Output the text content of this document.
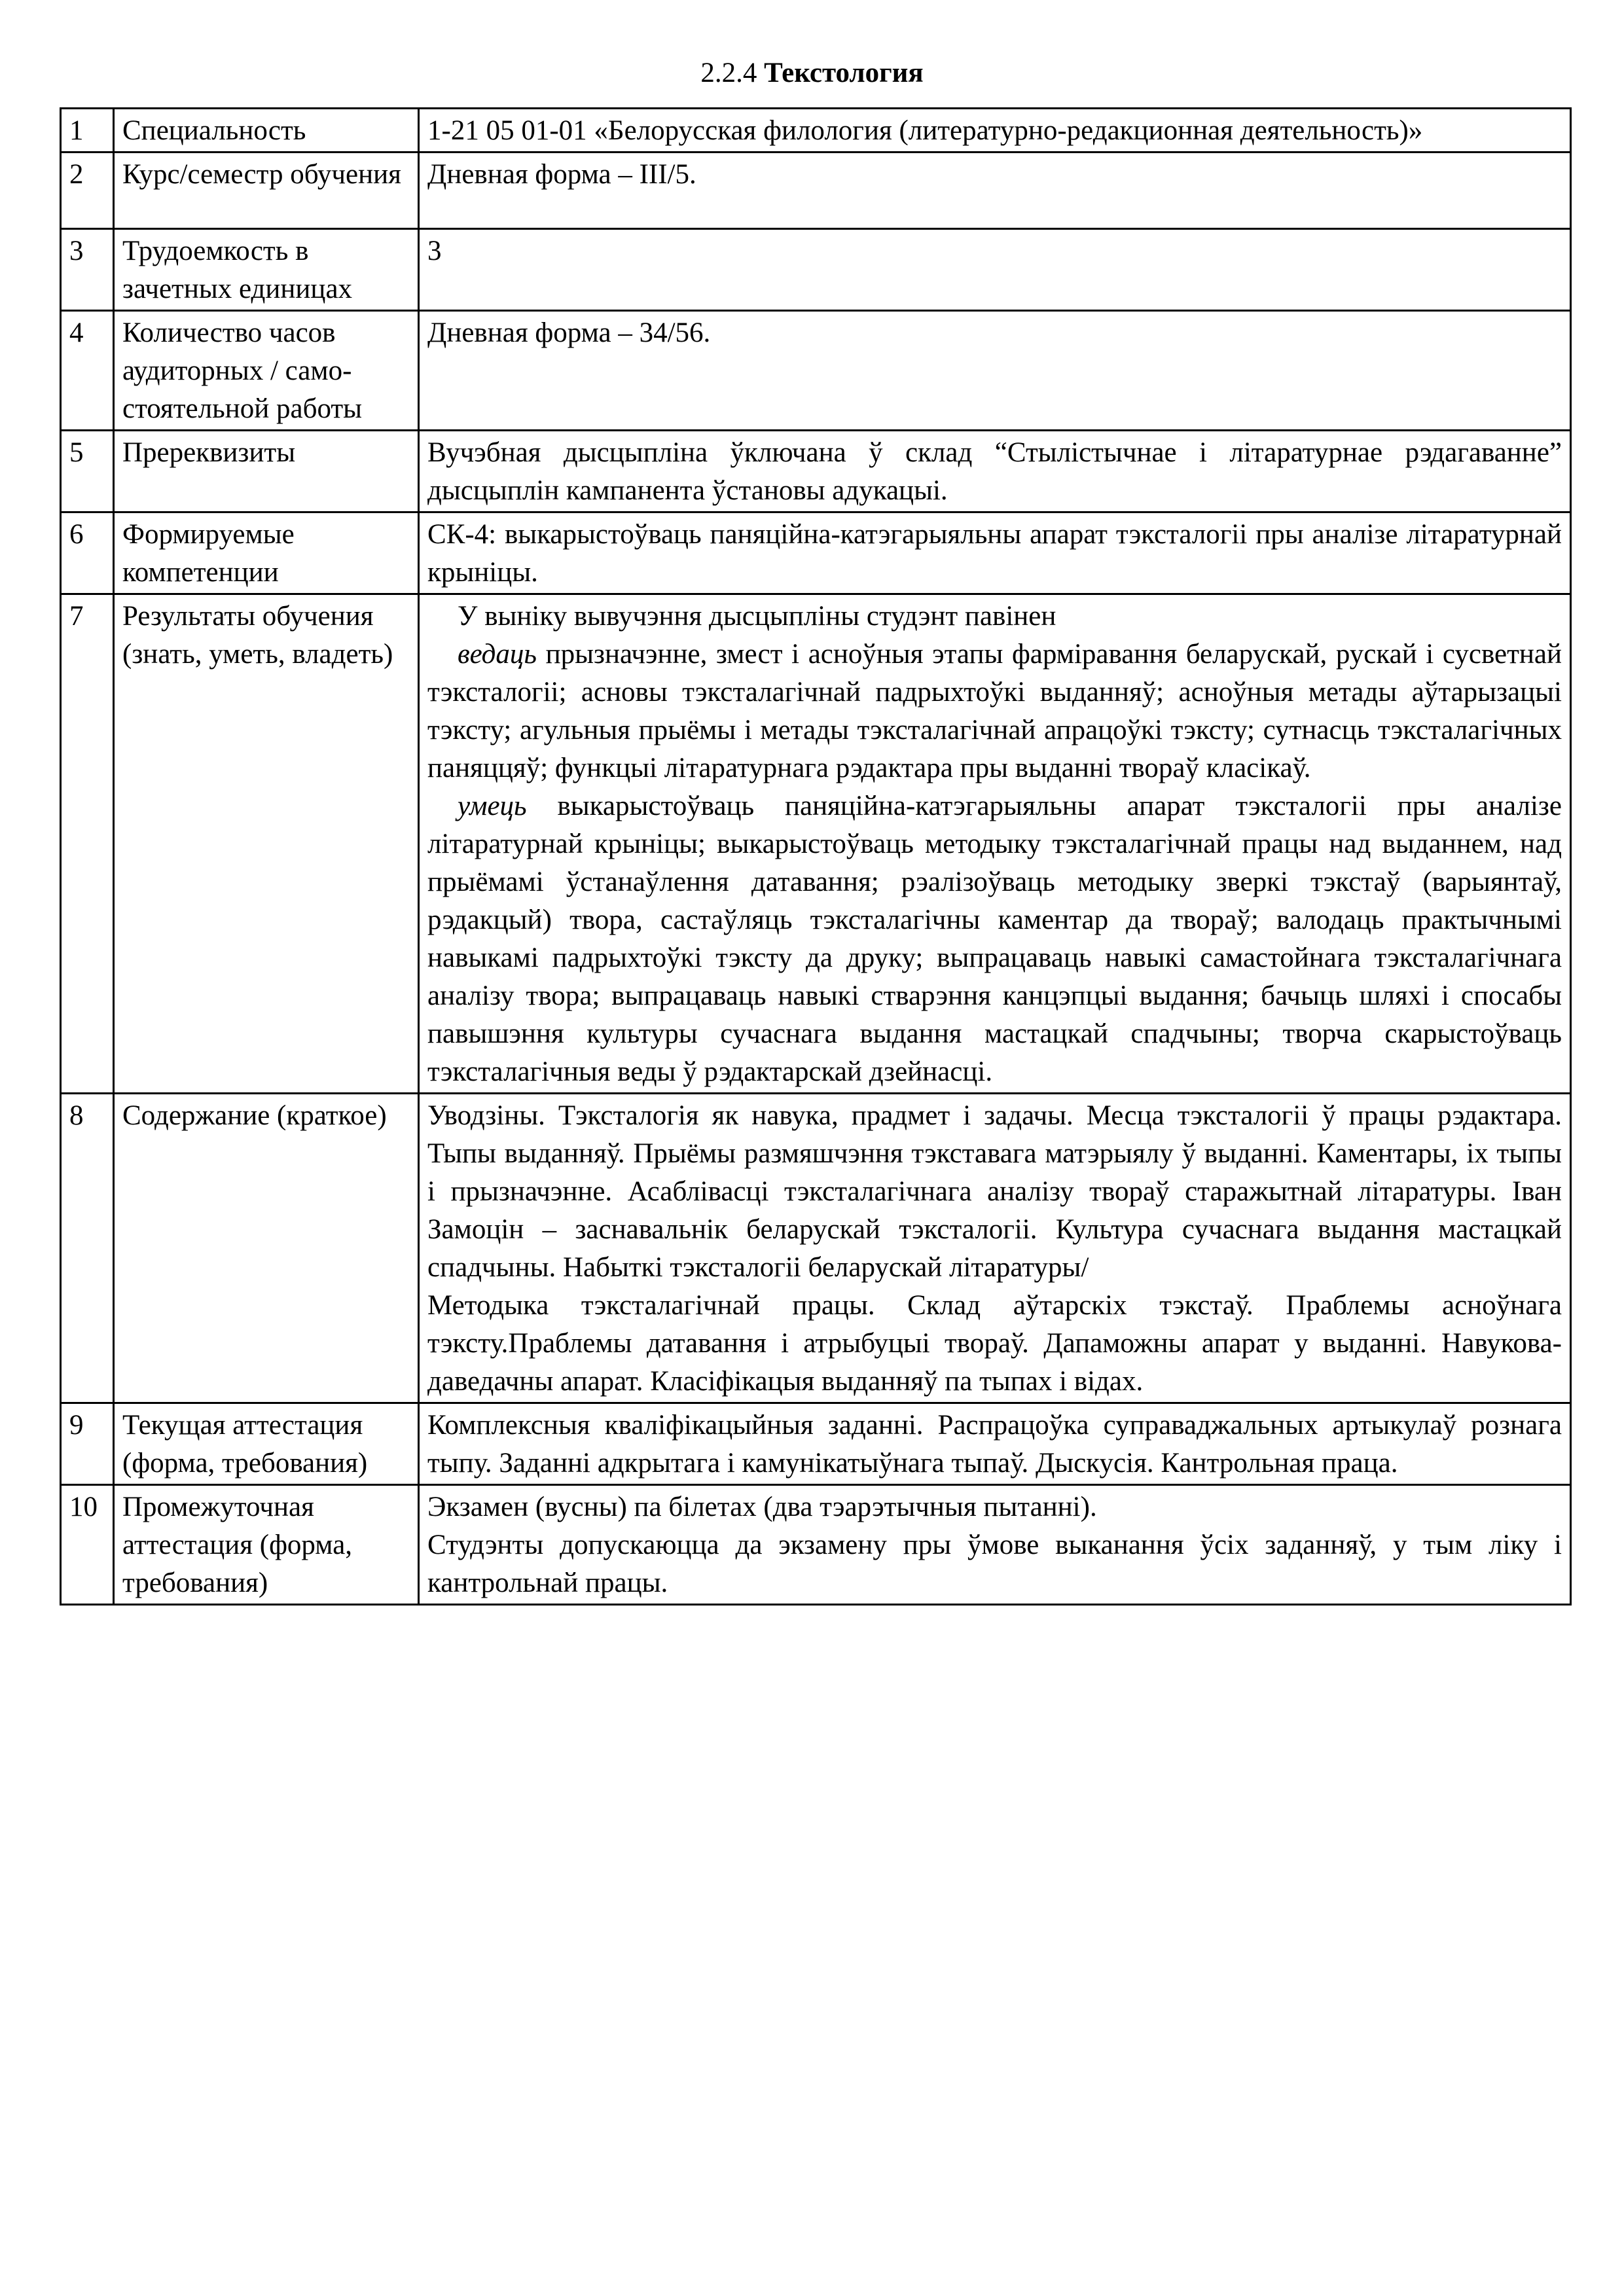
2.2.4 Текстология
1	Специальность	1-21 05 01-01 «Белорусская филология (литературно-редакционная деятельность)»
2	Курс/семестр обучения	Дневная форма – III/5.
3	Трудоемкость в зачетных единицах	3
4	Количество часов аудиторных / само-стоятельной работы	Дневная форма – 34/56.
5	Пререквизиты	Вучэбная дысцыпліна ўключана ў склад “Стылістычнае і літаратурнае рэдагаванне” дысцыплін кампанента ўстановы адукацыі.
6	Формируемые компетенции	СК-4: выкарыстоўваць паняційна-катэгарыяльны апарат тэксталогіі пры аналізе літаратурнай крыніцы.
7	Результаты обучения (знать, уметь, владеть)	У выніку вывучэння дысцыпліны студэнт павінен
ведаць прызначэнне, змест і асноўныя этапы фарміравання беларускай, рускай і сусветнай тэксталогіі; асновы тэксталагічнай падрыхтоўкі выданняў; асноўныя метады аўтарызацыі тэксту; агульныя прыёмы і метады тэксталагічнай апрацоўкі тэксту; сутнасць тэксталагічных паняццяў; функцыі літаратурнага рэдактара пры выданні твораў класікаў.
умець выкарыстоўваць паняційна-катэгарыяльны апарат тэксталогіі пры аналізе літаратурнай крыніцы; выкарыстоўваць методыку тэксталагічнай працы над выданнем, над прыёмамі ўстанаўлення датавання; рэалізоўваць методыку зверкі тэкстаў (варыянтаў, рэдакцый) твора, састаўляць тэксталагічны каментар да твораў; валодаць практычнымі навыкамі падрыхтоўкі тэксту да друку; выпрацаваць навыкі самастойнага тэксталагічнага аналізу твора; выпрацаваць навыкі стварэння канцэпцыі выдання; бачыць шляхі і спосабы павышэння культуры сучаснага выдання мастацкай спадчыны; творча скарыстоўваць тэксталагічныя веды ў рэдактарскай дзейнасці.

8	Содержание (краткое)	Уводзіны. Тэксталогія як навука, прадмет і задачы. Месца тэксталогіі ў працы рэдактара. Тыпы выданняў. Прыёмы размяшчэння тэкставага матэрыялу ў выданні. Каментары, іх тыпы і прызначэнне. Асаблівасці тэксталагічнага аналізу твораў старажытнай літаратуры. Іван Замоцін – заснавальнік беларускай тэксталогіі. Культура сучаснага выдання мастацкай спадчыны. Набыткі тэксталогіі беларускай літаратуры/
Методыка тэксталагічнай працы. Склад аўтарскіх тэкстаў. Праблемы асноўнага тэксту.Праблемы датавання і атрыбуцыі твораў. Дапаможны апарат у выданні. Навукова-даведачны апарат. Класіфікацыя выданняў па тыпах і відах.

9	Текущая аттестация (форма, требования)	Комплексныя кваліфікацыйныя заданні. Распрацоўка суправаджальных артыкулаў рознага тыпу. Заданні адкрытага і камунікатыўнага тыпаў. Дыскусія. Кантрольная праца.
10	Промежуточная аттестация (форма, требования)	Экзамен (вусны) па білетах (два тэарэтычныя пытанні).
Студэнты допускаюцца да экзамену пры ўмове выканання ўсіх заданняў, у тым ліку і кантрольнай працы.
